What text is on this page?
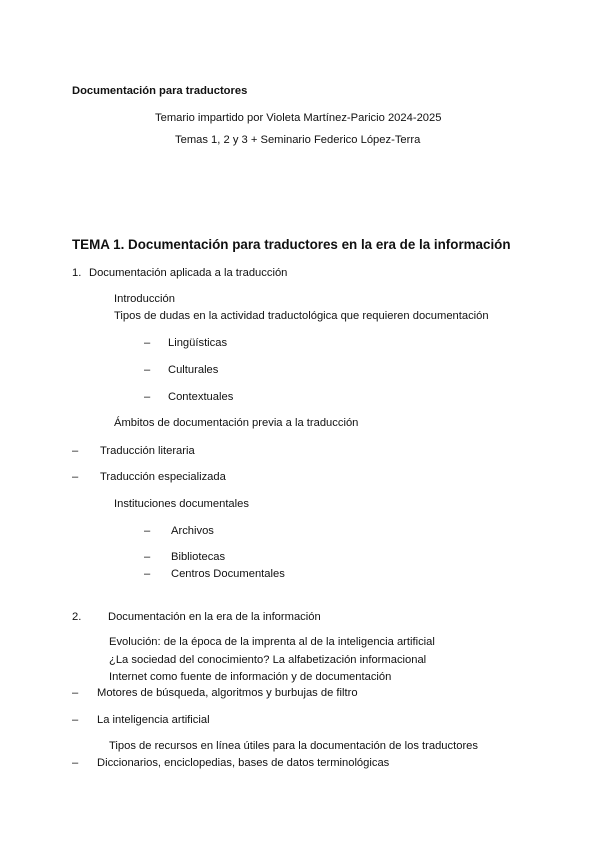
Documentación para traductores
Temario impartido por Violeta Martínez-Paricio 2024-2025
Temas 1, 2 y 3 + Seminario Federico López-Terra
TEMA 1. Documentación para traductores en la era de la información
1. Documentación aplicada a la traducción
Introducción
Tipos de dudas en la actividad traductológica que requieren documentación
– Lingüísticas
– Culturales
– Contextuales
Ámbitos de documentación previa a la traducción
– Traducción literaria
– Traducción especializada
Instituciones documentales
– Archivos
– Bibliotecas
– Centros Documentales
2. Documentación en la era de la información
Evolución: de la época de la imprenta al de la inteligencia artificial
¿La sociedad del conocimiento? La alfabetización informacional
Internet como fuente de información y de documentación
– Motores de búsqueda, algoritmos y burbujas de filtro
– La inteligencia artificial
Tipos de recursos en línea útiles para la documentación de los traductores
– Diccionarios, enciclopedias, bases de datos terminológicas
